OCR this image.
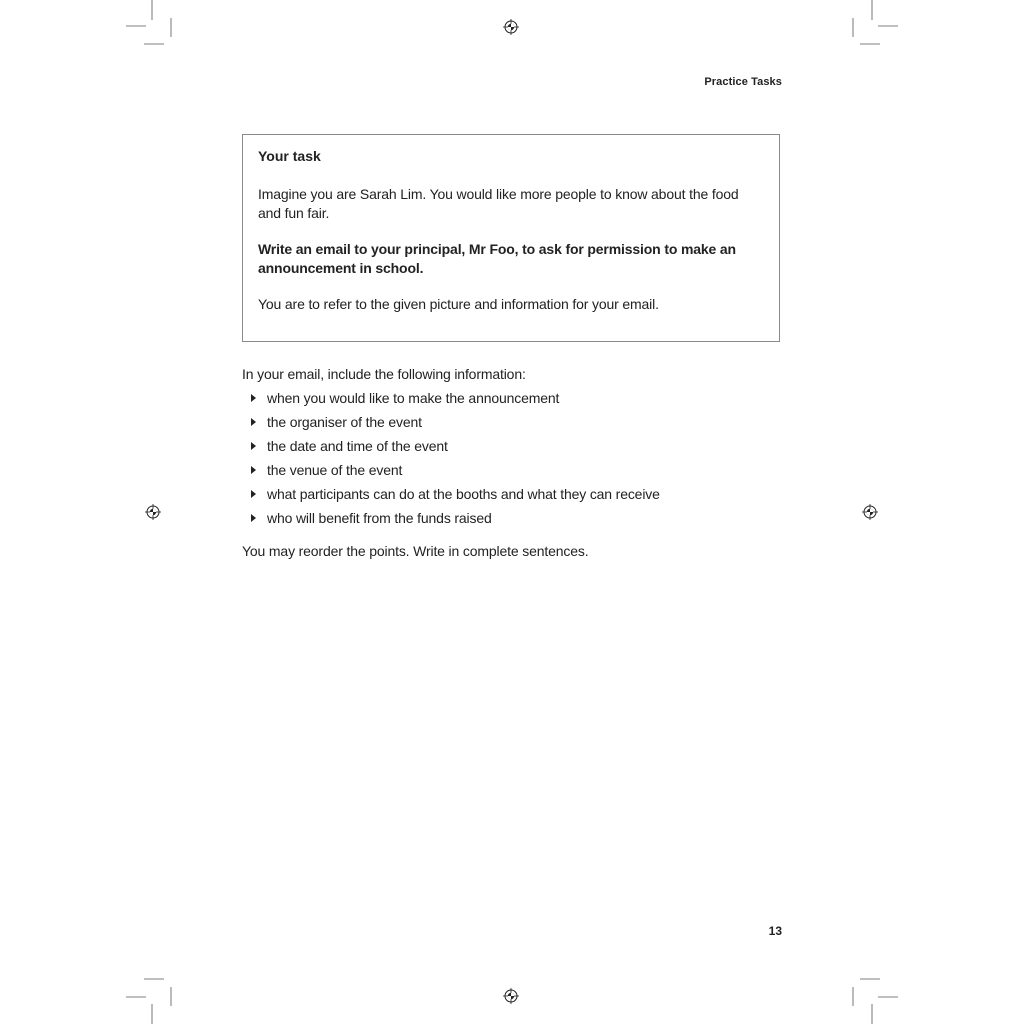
Practice Tasks
Your task

Imagine you are Sarah Lim. You would like more people to know about the food and fun fair.

Write an email to your principal, Mr Foo, to ask for permission to make an announcement in school.

You are to refer to the given picture and information for your email.

In your email, include the following information:

when you would like to make the announcement
the organiser of the event
the date and time of the event
the venue of the event
what participants can do at the booths and what they can receive
who will benefit from the funds raised

You may reorder the points. Write in complete sentences.

13
